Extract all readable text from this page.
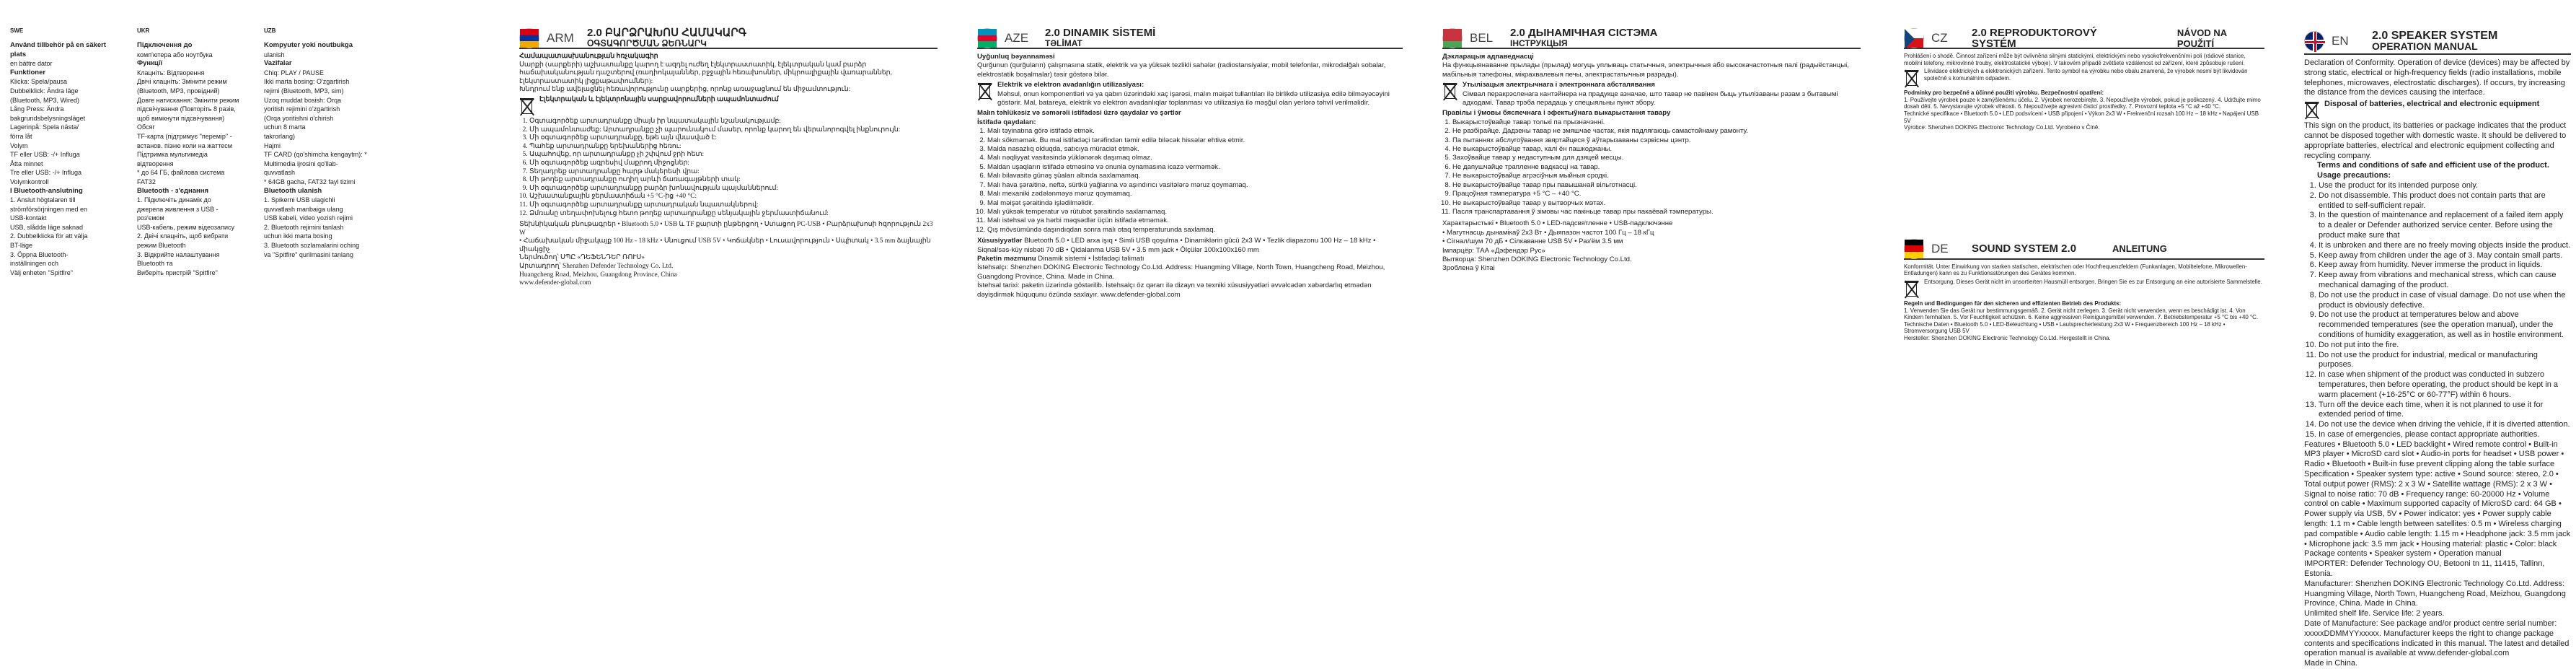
SWE
Använd tillbehör på en säkert plats
en bättre dator
Funktioner
Klicka: Spela/pausa
Dubbelklick: Ändra läge
(Bluetooth, MP3, Wired)
Lång Press: Ändra
bakgrundsbelysningsläget
Lagerinpå: Spela nästa/
förra låt
Volym
TF eller USB: -/+ Influga
Åtta minnet
Tre eller USB: -/+ Influga
Volymkontroll
I Bluetooth-anslutning
1. Anslut högtalaren till
strömförsörjningen med en
USB-kontakt
USB, slådda läge saknad
2. Dubbelklicka för att välja
BT-läge
3. Öppna Bluetooth-
inställningen och
Välj enheten "Spitfire"
UKR
Підключення до
комп'ютера або ноутбука
Функції
Клацніть: Відтворення
Двічі клацніть: Змінити режим
(Bluetooth, MP3, провідний)
Довге натискання: Змінити режим
підсвічування (Повторіть 8 разів,
щоб вимкнути підсвічування)
Обсяг
TF-карта (підтримує "перемір" -
встанов. пізню коли на жаттеcм
Підтримка мультимедіа
відтворення
* до 64 ГБ, файлова система
FAT32
Bluetooth - з'єднання
1. Підключіть динамік до
джерела живлення з USB -
роз'ємом
USB-кабель, режим відеозапису
2. Двічі клацніть, щоб вибрати
режим Bluetooth
3. Відкрийте налаштування
Bluetooth та
Виберіть пристрій "Spitfire"
UZB
Kompyuter yoki noutbukga
ulanish
Vazifalar
Chiq: PLAY / PAUSE
Ikki marta bosing: O'zgartirish
rejimi (Bluetooth, MP3, sim)
Uzoq muddat bosish: Orqa
yoritish rejimini o'zgartirish
(Orqa yoritishni o'chirish
uchun 8 marta
takrorlang)
Hajmi
TF CARD (qo'shimcha kengaytm): *
Multimedia ijrosini qo'llab-
quvvatlash
* 64GB gacha, FAT32 fayl tizimi
Bluetooth ulanish
1. Spikerni USB ulagichli
quvvatlash manbaiga ulang
USB kabeli, video yozish rejimi
2. Bluetooth rejimini tanlash
uchun ikki marta bosing
3. Bluetooth sozlamalarini oching
va "Spitfire" qurilmasini tanlang
ARM	2.0 ԲԱՐՁՐԱԽՈՍ ՀԱՄԱԿԱՐԳ
ՕԳՏԱԳՈՐԾՄԱՆ ՁԵՌՆԱՐԿ

Համապատասխանության հռչակագիր

Սարքի (սարքերի) աշխատանքը կարող է ազդել ուժեղ էլեկտրաստատիկ, էլեկտրական կամ բարձր հաճախականության դաշտերով (ռադիոկայաններ, բջջային հեռախոսներ, միկրոալիքային վառարաններ, էլեկտրաստատիկ լիցքաթափումներ):

Խնդրում ենք ավելացնել հեռավորությունը սարքերից, որոնք առաջացնում են միջամտություն:

Էլեկտրական և էլեկտրոնային սարքավորումների ապամոնտաժում

1. Օգտագործեք արտադրանքը միայն իր նպատակային նշանակությամբ:
2. Մի ապամոնտաժեք: Արտադրանքը չի պարունակում մասեր, որոնք կարող են վերանորոգվել ինքնուրույն:
3. Մի օգտագործեք արտադրանքը, եթե այն վնասված է:
4. Պահեք արտադրանքը երեխաներից հեռու:
5. Ապահովեք, որ արտադրանքը չի շփվում ջրի հետ:
6. Մի օգտագործեք ագրեսիվ մաքրող միջոցներ:
7. Տեղադրեք արտադրանքը հարթ մակերեսի վրա:
8. Մի թողեք արտադրանքը ուղիղ արևի ճառագայթների տակ:
9. Մի օգտագործեք արտադրանքը բարձր խոնավության պայմաններում:
10. Աշխատանքային ջերմաստիճան +5 °C-ից +40 °C:
11. Մի օգտագործեք արտադրանքը արտադրական նպատակներով:
12. Ձմռանը տեղափոխելուց հետո թողեք արտադրանքը սենյակային ջերմաստիճանում:

Տեխնիկական բնութագրեր • Bluetooth 5.0 • USB և TF քարտի ընթերցող • Ստացող PC-USB • Բարձրախոսի հզորություն 2x3 W

• Հաճախական միջակայք 100 Hz - 18 kHz • Սնուցում USB 5V • Կոճակներ • Լուսավորություն • Սպիտակ • 3.5 mm ձայնային միակցիչ

Ներմուծող՝ ՍՊԸ «ԴԵՖԵՆԴԵՐ ՌՈՒՍ»

Արտադրող՝ Shenzhen Defender Technology Co. Ltd.

Huangcheng Road, Meizhou, Guangdong Province, China

www.defender-global.com

AZE	2.0 DINAMIK SİSTEMİ
TƏLİMAT

Uyğunluq bəyannaməsi

Qurğunun (qurğuların) çalışmasına statik, elektrik və ya yüksək tezlikli sahələr (radiostansiyalar, mobil telefonlar, mikrodalğalı sobalar, elektrostatik boşalmalar) təsir göstərə bilər.

Elektrik və elektron avadanlığın utilizasiyası:

Məhsul, onun komponentləri və ya qabın üzərindəki xaç işarəsi, malın məişət tullantıları ilə birlikdə utilizasiya edilə bilməyəcəyini göstərir. Mal, batareya, elektrik və elektron avadanlıqlar toplanması və utilizasiya ilə məşğul olan yerlərə təhvil verilməlidir.

Malın təhlükəsiz və səmərəli istifadəsi üzrə qaydalar və şərtlər

İstifadə qaydaları:

1. Malı təyinatına görə istifadə etmək.
2. Malı sökməmək. Bu mal istifadəçi tərəfindən təmir edilə biləcək hissələr ehtiva etmir.
3. Malda nasazlıq olduqda, satıcıya müraciət etmək.
4. Malı nəqliyyat vasitəsində yüklənərək daşımaq olmaz.
5. Maldan uşaqların istifadə etməsinə və onunla oynamasına icazə verməmək.
6. Malı bilavasitə günəş şüaları altında saxlamamaq.
7. Malı hava şəraitinə, neftə, sürtkü yağlarına və aşındırıcı vasitələrə məruz qoymamaq.
8. Malı mexaniki zədələnməyə məruz qoymamaq.
9. Mal məişət şəraitində işlədilməlidir.
10. Malı yüksək temperatur və rütubət şəraitində saxlamamaq.
11. Malı istehsal və ya hərbi məqsədlər üçün istifadə etməmək.
12. Qış mövsümündə daşındıqdan sonra malı otaq temperaturunda saxlamaq.

Xüsusiyyətlər Bluetooth 5.0 • LED arxa işıq • Simli USB qoşulma • Dinamiklərin gücü 2x3 W • Tezlik diapazonu 100 Hz – 18 kHz • Siqnal/səs-küy nisbəti 70 dB • Qidalanma USB 5V • 3.5 mm jack • Ölçülər 100x100x160 mm

Paketin məzmunu Dinamik sistemi • İstifadəçi təlimatı

İstehsalçı: Shenzhen DOKING Electronic Technology Co.Ltd. Address: Huangming Village, North Town, Huangcheng Road, Meizhou, Guangdong Province, China. Made in China.

İstehsal tarixi: paketin üzərində göstərilib. İstehsalçı öz qərarı ilə dizayn və texniki xüsusiyyətləri əvvəlcədən xəbərdarlıq etmədən dəyişdirmək hüququnu özündə saxlayır. www.defender-global.com

BEL	2.0 ДЫНАМІЧНАЯ СІСТЭМА
ІНСТРУКЦЫЯ

Дэкларацыя адпаведнасці

На функцыянаванне прылады (прылад) могуць уплываць статычныя, электрычныя або высокачастотныя палі (радыёстанцыі, мабільныя тэлефоны, мікрахвалевыя печы, электрастатычныя разрады).

Утылізацыя электрычнага і электроннага абсталявання

Сімвал перакрэсленага кантэйнера на прадукце азначае, што тавар не павінен быць утылізаваны разам з бытавымі адходамі. Тавар трэба перадаць у спецыяльны пункт збору.

Правілы і ўмовы бяспечнага і эфектыўнага выкарыстання тавару

1. Выкарыстоўвайце тавар толькі па прызначэнні.
2. Не разбірайце. Дадзены тавар не змяшчае частак, якія падлягаюць самастойнаму рамонту.
3. Па пытаннях абслугоўвання звяртайцеся ў аўтарызаваны сэрвісны цэнтр.
4. Не выкарыстоўвайце тавар, калі ён пашкоджаны.
5. Захоўвайце тавар у недаступным для дзяцей месцы.
6. Не дапушчайце трапленне вадкасці на тавар.
7. Не выкарыстоўвайце агрэсіўныя мыйныя сродкі.
8. Не выкарыстоўвайце тавар пры павышанай вільготнасці.
9. Працоўная тэмпература +5 °C – +40 °C.
10. Не выкарыстоўвайце тавар у вытворчых мэтах.
11. Пасля транспартавання ў зімовы час пакіньце тавар пры пакаёвай тэмпературы.

Характарыстыкі • Bluetooth 5.0 • LED-падсвятленне • USB-падключэнне

• Магутнасць дынамікаў 2x3 Вт • Дыяпазон частот 100 Гц – 18 кГц

• Сігнал/шум 70 дБ • Сілкаванне USB 5V • Раз'ём 3.5 мм

Імпарцёр: ТАА «Дэфендэр Рус»

Вытворца: Shenzhen DOKING Electronic Technology Co.Ltd.

Зроблена ў Кітаі

CZ	2.0 REPRODUKTOROVÝ SYSTÉM
NÁVOD NA POUŽITÍ

Prohlášení o shodě. Činnost zařízení může být ovlivněna silnými statickými, elektrickými nebo vysokofrekvenčními poli (rádiové stanice, mobilní telefony, mikrovlnné trouby, elektrostatické výboje). V takovém případě zvětšete vzdálenost od zařízení, které způsobuje rušení.

Likvidace elektrických a elektronických zařízení. Tento symbol na výrobku nebo obalu znamená, že výrobek nesmí být likvidován společně s komunálním odpadem.

Podmínky pro bezpečné a účinné použití výrobku. Bezpečnostní opatření:

1. Používejte výrobek pouze k zamýšlenému účelu. 2. Výrobek nerozebírejte. 3. Nepoužívejte výrobek, pokud je poškozený. 4. Udržujte mimo dosah dětí. 5. Nevystavujte výrobek vlhkosti. 6. Nepoužívejte agresivní čisticí prostředky. 7. Provozní teplota +5 °C až +40 °C.

Technické specifikace • Bluetooth 5.0 • LED podsvícení • USB připojení • Výkon 2x3 W • Frekvenční rozsah 100 Hz – 18 kHz • Napájení USB 5V

Výrobce: Shenzhen DOKING Electronic Technology Co.Ltd. Vyrobeno v Číně.

DE	SOUND SYSTEM 2.0	ANLEITUNG

Konformität. Unter Einwirkung von starken statischen, elektrischen oder Hochfrequenzfeldern (Funkanlagen, Mobiltelefone, Mikrowellen-Entladungen) kann es zu Funktionsstörungen des Gerätes kommen.

Entsorgung. Dieses Gerät nicht im unsortierten Hausmüll entsorgen. Bringen Sie es zur Entsorgung an eine autorisierte Sammelstelle.

Regeln und Bedingungen für den sicheren und effizienten Betrieb des Produkts:

1. Verwenden Sie das Gerät nur bestimmungsgemäß. 2. Gerät nicht zerlegen. 3. Gerät nicht verwenden, wenn es beschädigt ist. 4. Von Kindern fernhalten. 5. Vor Feuchtigkeit schützen. 6. Keine aggressiven Reinigungsmittel verwenden. 7. Betriebstemperatur +5 °C bis +40 °C.

Technische Daten • Bluetooth 5.0 • LED-Beleuchtung • USB • Lautsprecherleistung 2x3 W • Frequenzbereich 100 Hz – 18 kHz • Stromversorgung USB 5V

Hersteller: Shenzhen DOKING Electronic Technology Co.Ltd. Hergestellt in China.

EN	2.0 SPEAKER SYSTEM
OPERATION MANUAL

Declaration of Conformity. Operation of device (devices) may be affected by strong static, electrical or high-frequency fields (radio installations, mobile telephones, microwaves, electrostatic discharges). If occurs, try increasing the distance from the devices causing the interface.

Disposal of batteries, electrical and electronic equipment

This sign on the product, its batteries or package indicates that the product cannot be disposed together with domestic waste. It should be delivered to appropriate batteries, electrical and electronic equipment collecting and recycling company.

Terms and conditions of safe and efficient use of the product. Usage precautions:

1. Use the product for its intended purpose only.
2. Do not disassemble. This product does not contain parts that are entitled to self-sufficient repair.
3. In the question of maintenance and replacement of a failed item apply to a dealer or Defender authorized service center. Before using the product make sure that
4. It is unbroken and there are no freely moving objects inside the product.
5. Keep away from children under the age of 3. May contain small parts.
6. Keep away from humidity. Never immerse the product in liquids.
7. Keep away from vibrations and mechanical stress, which can cause mechanical damaging of the product.
8. Do not use the product in case of visual damage. Do not use when the product is obviously defective.
9. Do not use the product at temperatures below and above recommended temperatures (see the operation manual), under the conditions of humidity exaggeration, as well as in hostile environment.
10. Do not put into the fire.
11. Do not use the product for industrial, medical or manufacturing purposes.
12. In case when shipment of the product was conducted in subzero temperatures, then before operating, the product should be kept in a warm placement (+16-25°C or 60-77°F) within 6 hours.
13. Turn off the device each time, when it is not planned to use it for extended period of time.
14. Do not use the device when driving the vehicle, if it is diverted attention.
15. In case of emergencies, please contact appropriate authorities.

Features • Bluetooth 5.0 • LED backlight • Wired remote control • Built-in MP3 player • MicroSD card slot • Audio-in ports for headset • USB power • Radio • Bluetooth • Built-in fuse prevent clipping along the table surface

Specification • Speaker system type: active • Sound source: stereo, 2.0 • Total output power (RMS): 2 x 3 W • Satellite wattage (RMS): 2 x 3 W • Signal to noise ratio: 70 dB • Frequency range: 60-20000 Hz • Volume control on cable • Maximum supported capacity of MicroSD card: 64 GB • Power supply via USB, 5V • Power indicator: yes • Power supply cable length: 1.1 m • Cable length between satellites: 0.5 m • Wireless charging pad compatible • Audio cable length: 1.15 m • Headphone jack: 3.5 mm jack • Microphone jack: 3.5 mm jack • Housing material: plastic • Color: black

Package contents • Speaker system • Operation manual

IMPORTER: Defender Technology OU, Betooni tn 11, 11415, Tallinn, Estonia.

Manufacturer: Shenzhen DOKING Electronic Technology Co.Ltd. Address: Huangming Village, North Town, Huangcheng Road, Meizhou, Guangdong Province, China. Made in China.

Unlimited shelf life. Service life: 2 years.

Date of Manufacture: See package and/or product centre serial number: xxxxxDDMMYYxxxxx. Manufacturer keeps the right to change package contents and specifications indicated in this manual. The latest and detailed operation manual is available at www.defender-global.com

Made in China.
